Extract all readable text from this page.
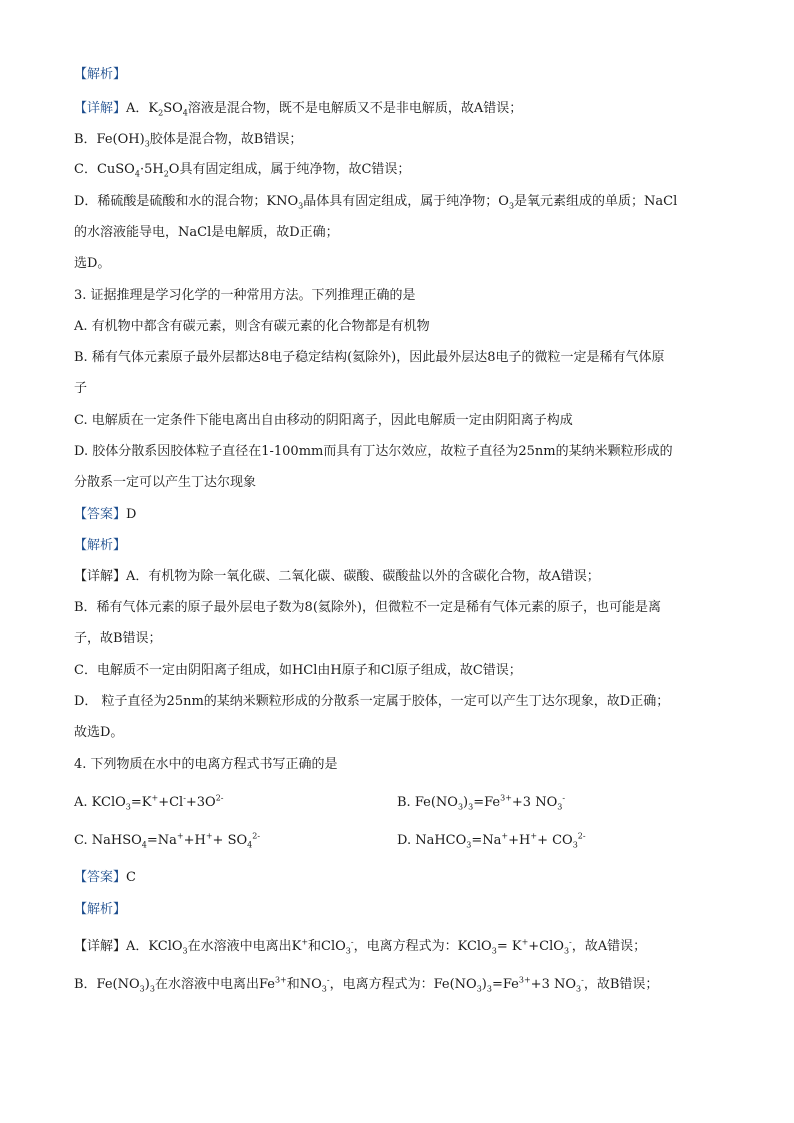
【解析】
【详解】A．$K_2SO_4$溶液是混合物，既不是电解质又不是非电解质，故A错误；
B．$Fe(OH)_3$胶体是混合物，故B错误；
C．$CuSO_4\cdot 5H_2O$具有固定组成，属于纯净物，故C错误；
D．稀硫酸是硫酸和水的混合物；$KNO_3$晶体具有固定组成，属于纯净物；$O_3$是氧元素组成的单质；NaCl
的水溶液能导电，NaCl是电解质，故D正确；
选D。
3. 证据推理是学习化学的一种常用方法。下列推理正确的是
A. 有机物中都含有碳元素，则含有碳元素的化合物都是有机物
B. 稀有气体元素原子最外层都达8电子稳定结构(氦除外)，因此最外层达8电子的微粒一定是稀有气体原
子
C. 电解质在一定条件下能电离出自由移动的阴阳离子，因此电解质一定由阴阳离子构成
D. 胶体分散系因胶体粒子直径在1-100mm而具有丁达尔效应，故粒子直径为25nm的某纳米颗粒形成的
分散系一定可以产生丁达尔现象
【答案】D
【解析】
【详解】A．有机物为除一氧化碳、二氧化碳、碳酸、碳酸盐以外的含碳化合物，故A错误；
B．稀有气体元素的原子最外层电子数为8(氦除外)，但微粒不一定是稀有气体元素的原子，也可能是离
子，故B错误；
C．电解质不一定由阴阳离子组成，如HCl由H原子和Cl原子组成，故C错误；
D． 粒子直径为25nm的某纳米颗粒形成的分散系一定属于胶体，一定可以产生丁达尔现象，故D正确；
故选D。
4. 下列物质在水中的电离方程式书写正确的是
A. $KClO_3=K^++Cl^-+3O^{2-}$	B. $Fe(NO_3)_3=Fe^{3+}+3$ $NO_3^-$
C. NaHSO$_4$=Na++H++ $SO_4^{2-}$	D. NaHCO$_3$=Na++H++ $CO_3^{2-}$
【答案】C
【解析】
【详解】A．KClO$_3$在水溶液中电离出K+和ClO$_3$-，电离方程式为：KClO$_3$= K++ClO$_3$-，故A错误；
B．$Fe(NO_3)_3$在水溶液中电离出$Fe^{3+}$和$NO_3^-$，电离方程式为：$Fe(NO_3)_3=Fe^{3+}+3$ $NO_3^-$，故B错误；
